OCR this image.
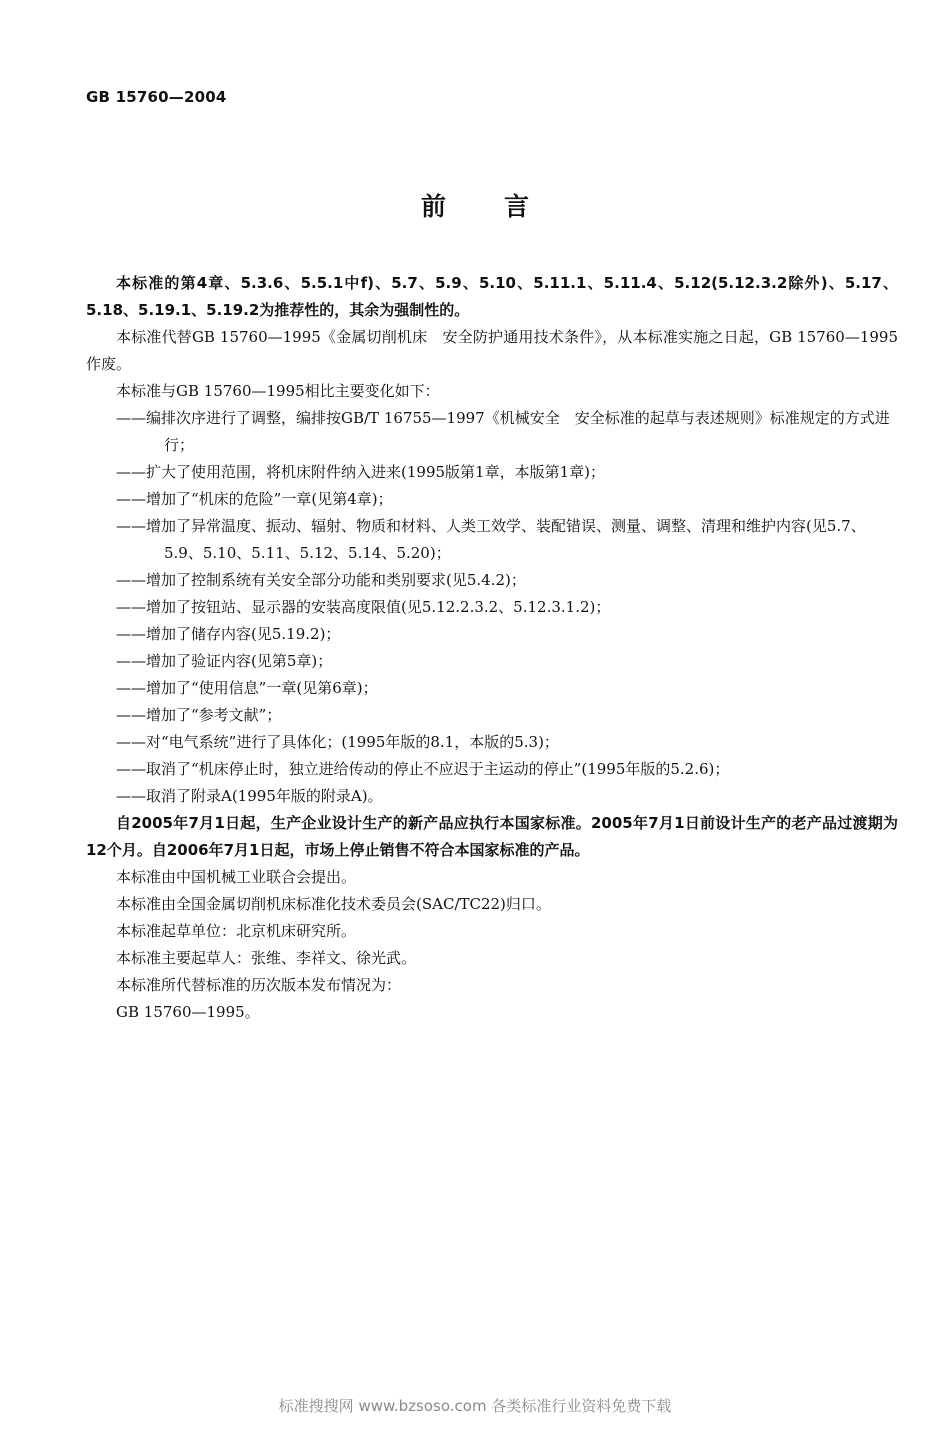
GB 15760—2004
前言

本标准的第4章、5.3.6、5.5.1中f)、5.7、5.9、5.10、5.11.1、5.11.4、5.12(5.12.3.2除外)、5.17、5.18、5.19.1、5.19.2为推荐性的，其余为强制性的。

本标准代替GB 15760—1995《金属切削机床　安全防护通用技术条件》，从本标准实施之日起，GB 15760—1995作废。

本标准与GB 15760—1995相比主要变化如下：

——编排次序进行了调整，编排按GB/T 16755—1997《机械安全　安全标准的起草与表述规则》标准规定的方式进行；

——扩大了使用范围，将机床附件纳入进来(1995版第1章，本版第1章)；

——增加了“机床的危险”一章(见第4章)；

——增加了异常温度、振动、辐射、物质和材料、人类工效学、装配错误、测量、调整、清理和维护内容(见5.7、5.9、5.10、5.11、5.12、5.14、5.20)；

——增加了控制系统有关安全部分功能和类别要求(见5.4.2)；

——增加了按钮站、显示器的安装高度限值(见5.12.2.3.2、5.12.3.1.2)；

——增加了储存内容(见5.19.2)；

——增加了验证内容(见第5章)；

——增加了“使用信息”一章(见第6章)；

——增加了“参考文献”；

——对“电气系统”进行了具体化；(1995年版的8.1，本版的5.3)；

——取消了“机床停止时，独立进给传动的停止不应迟于主运动的停止”(1995年版的5.2.6)；

——取消了附录A(1995年版的附录A)。

自2005年7月1日起，生产企业设计生产的新产品应执行本国家标准。2005年7月1日前设计生产的老产品过渡期为12个月。自2006年7月1日起，市场上停止销售不符合本国家标准的产品。

本标准由中国机械工业联合会提出。

本标准由全国金属切削机床标准化技术委员会(SAC/TC22)归口。

本标准起草单位：北京机床研究所。

本标准主要起草人：张维、李祥文、徐光武。

本标准所代替标准的历次版本发布情况为：

GB 15760—1995。

标准搜搜网 www.bzsoso.com 各类标准行业资料免费下载
